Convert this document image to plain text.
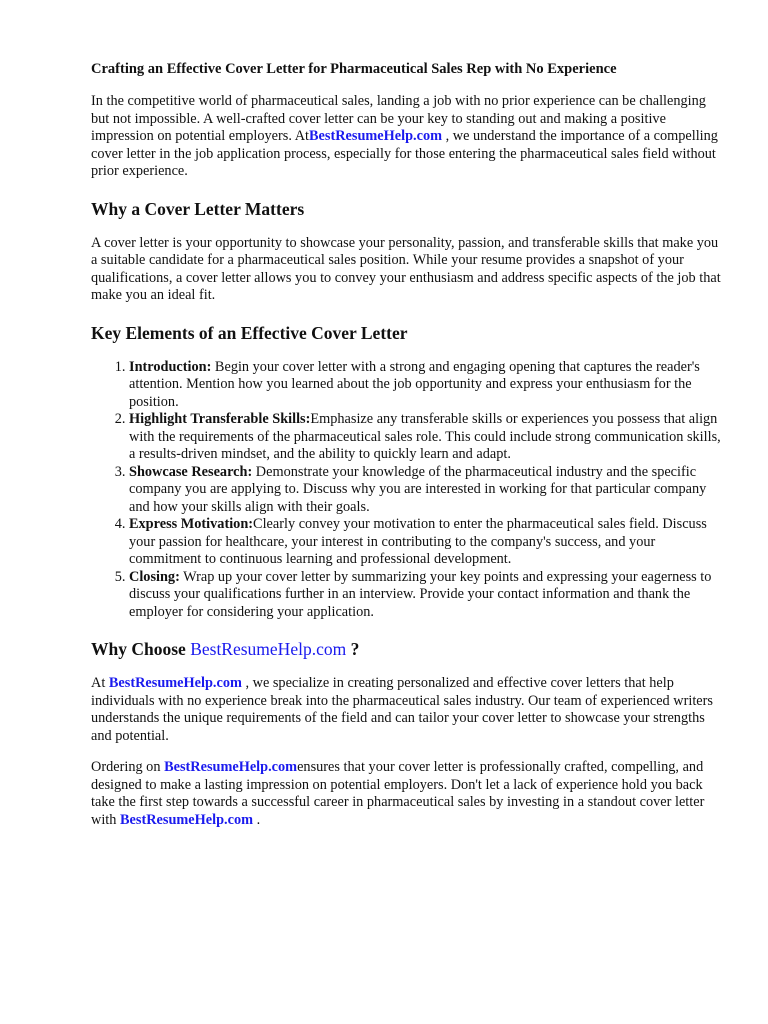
Crafting an Effective Cover Letter for Pharmaceutical Sales Rep with No Experience

In the competitive world of pharmaceutical sales, landing a job with no prior experience can be challenging but not impossible. A well-crafted cover letter can be your key to standing out and making a positive impression on potential employers. AtBestResumeHelp.com , we understand the importance of a compelling cover letter in the job application process, especially for those entering the pharmaceutical sales field without prior experience.

Why a Cover Letter Matters

A cover letter is your opportunity to showcase your personality, passion, and transferable skills that make you a suitable candidate for a pharmaceutical sales position. While your resume provides a snapshot of your qualifications, a cover letter allows you to convey your enthusiasm and address specific aspects of the job that make you an ideal fit.

Key Elements of an Effective Cover Letter
1. Introduction: Begin your cover letter with a strong and engaging opening that captures the reader's attention. Mention how you learned about the job opportunity and express your enthusiasm for the position.
2. Highlight Transferable Skills:Emphasize any transferable skills or experiences you possess that align with the requirements of the pharmaceutical sales role. This could include strong communication skills, a results-driven mindset, and the ability to quickly learn and adapt.
3. Showcase Research: Demonstrate your knowledge of the pharmaceutical industry and the specific company you are applying to. Discuss why you are interested in working for that particular company and how your skills align with their goals.
4. Express Motivation:Clearly convey your motivation to enter the pharmaceutical sales field. Discuss your passion for healthcare, your interest in contributing to the company's success, and your commitment to continuous learning and professional development.
5. Closing: Wrap up your cover letter by summarizing your key points and expressing your eagerness to discuss your qualifications further in an interview. Provide your contact information and thank the employer for considering your application.
Why Choose BestResumeHelp.com ?

At BestResumeHelp.com , we specialize in creating personalized and effective cover letters that help individuals with no experience break into the pharmaceutical sales industry. Our team of experienced writers understands the unique requirements of the field and can tailor your cover letter to showcase your strengths and potential.

Ordering on BestResumeHelp.comensures that your cover letter is professionally crafted, compelling, and designed to make a lasting impression on potential employers. Don't let a lack of experience hold you back take the first step towards a successful career in pharmaceutical sales by investing in a standout cover letter with BestResumeHelp.com .
